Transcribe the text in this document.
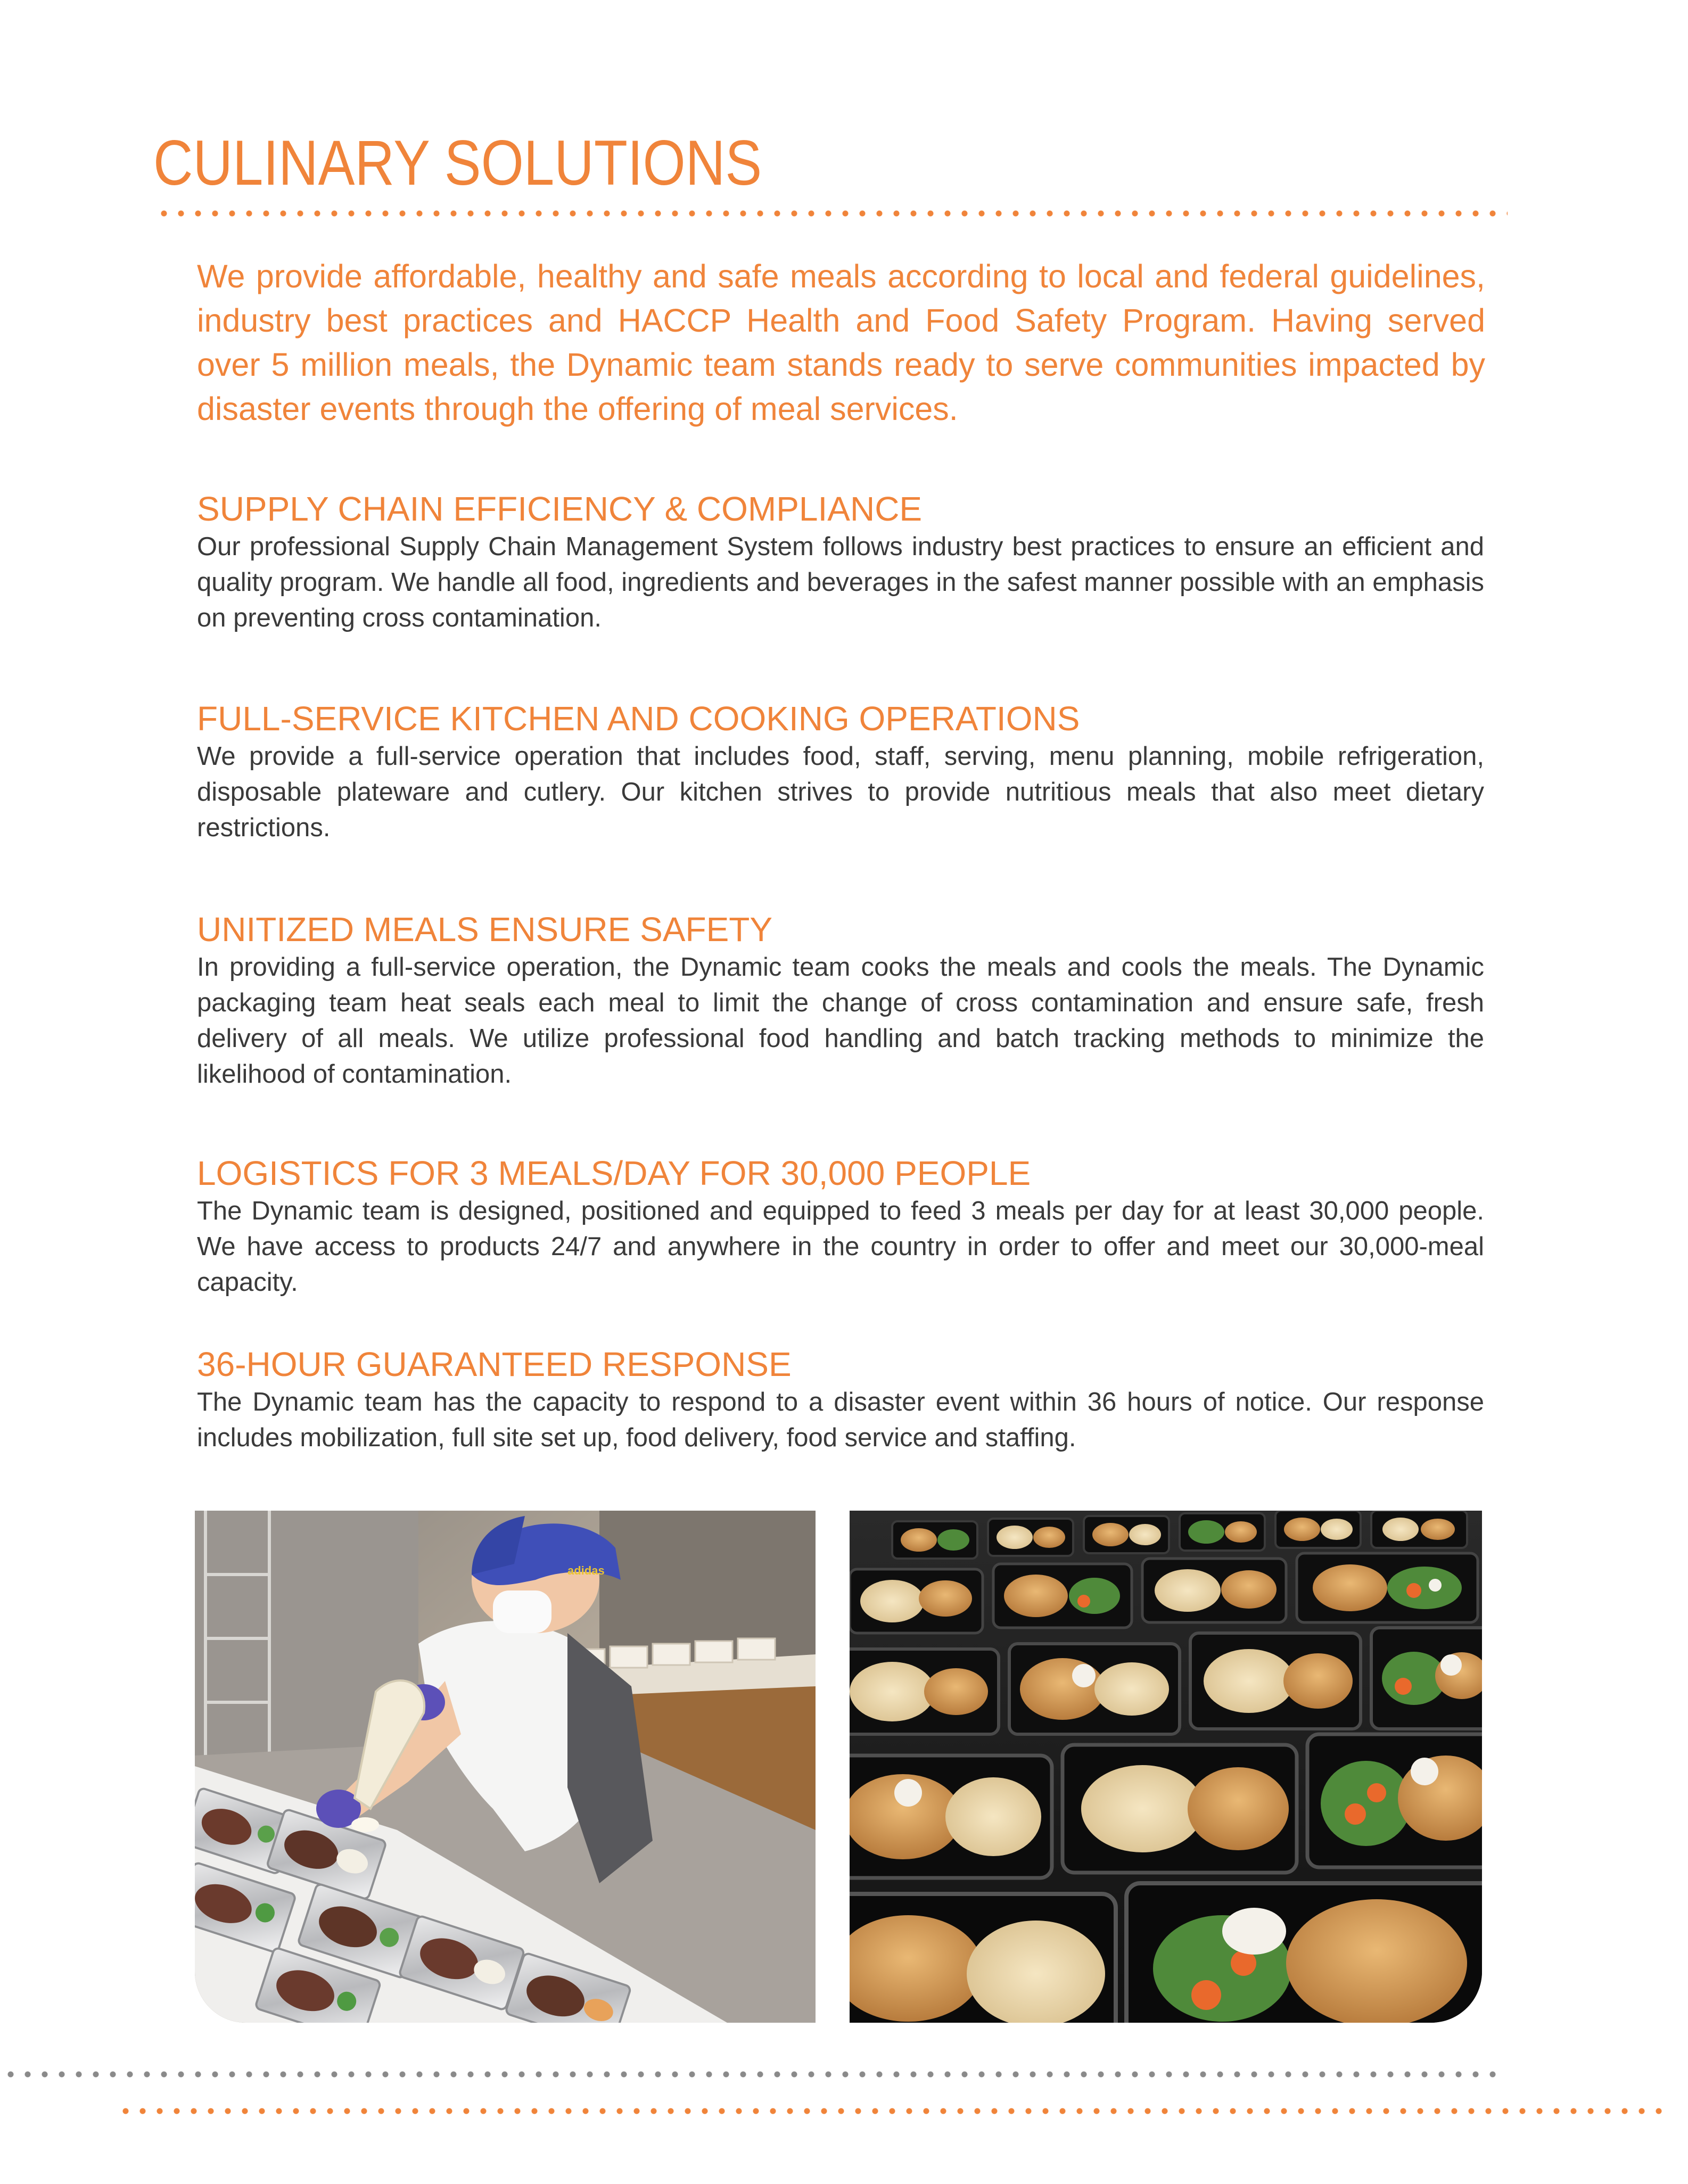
CULINARY SOLUTIONS

We provide affordable, healthy and safe meals according to local and federal guidelines, industry best practices and HACCP Health and Food Safety Program. Having served over 5 million meals, the Dynamic team stands ready to serve communities impacted by disaster events through the offering of meal services.

SUPPLY CHAIN EFFICIENCY & COMPLIANCE

Our professional Supply Chain Management System follows industry best practices to ensure an efficient and quality program. We handle all food, ingredients and beverages in the safest manner possible with an emphasis on preventing cross contamination.

FULL-SERVICE KITCHEN AND COOKING OPERATIONS

We provide a full-service operation that includes food, staff, serving, menu planning, mobile refrigeration, disposable plateware and cutlery. Our kitchen strives to provide nutritious meals that also meet dietary restrictions.

UNITIZED MEALS ENSURE SAFETY

In providing a full-service operation, the Dynamic team cooks the meals and cools the meals. The Dynamic packaging team heat seals each meal to limit the change of cross contamination and ensure safe, fresh delivery of all meals. We utilize professional food handling and batch tracking methods to minimize the likelihood of contamination.

LOGISTICS FOR 3 MEALS/DAY FOR 30,000 PEOPLE

The Dynamic team is designed, positioned and equipped to feed 3 meals per day for at least 30,000 people. We have access to products 24/7 and anywhere in the country in order to offer and meet our 30,000-meal capacity.

36-HOUR GUARANTEED RESPONSE

The Dynamic team has the capacity to respond to a disaster event within 36 hours of notice. Our response includes mobilization, full site set up, food delivery, food service and staffing.

adidas
